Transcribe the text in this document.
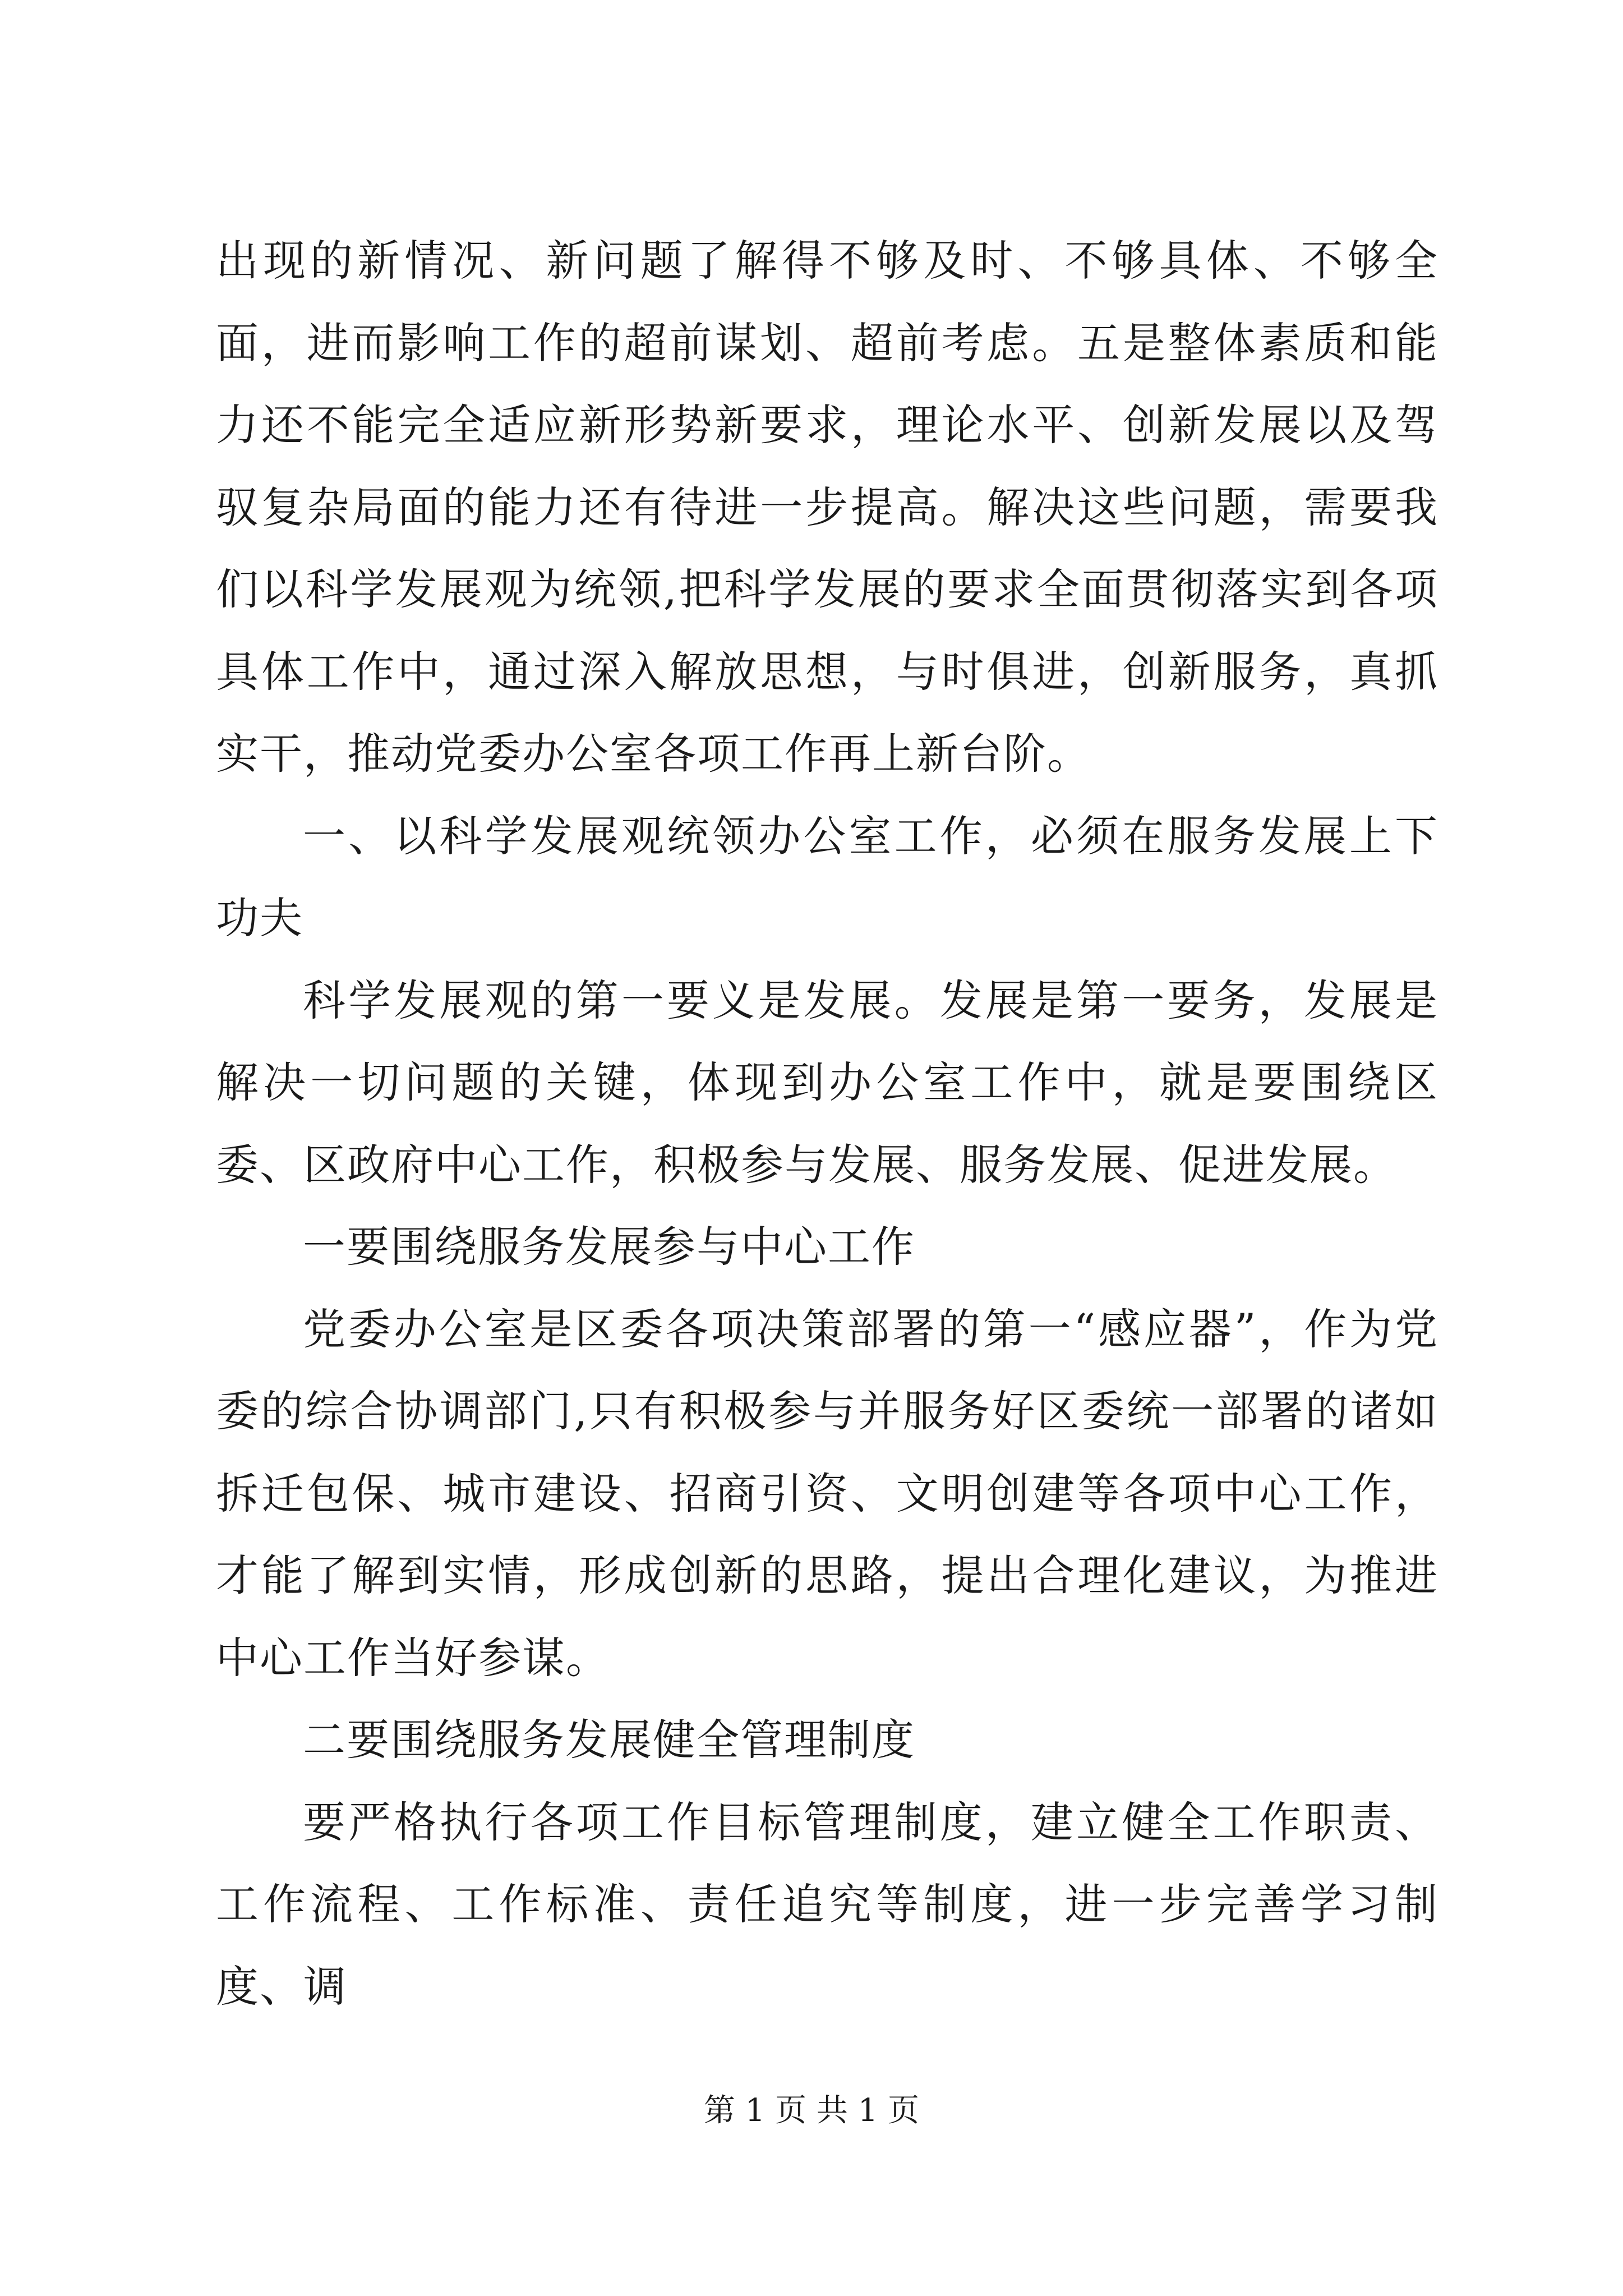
出现的新情况、新问题了解得不够及时、不够具体、不够全面，进而影响工作的超前谋划、超前考虑。五是整体素质和能力还不能完全适应新形势新要求，理论水平、创新发展以及驾驭复杂局面的能力还有待进一步提高。解决这些问题，需要我们以科学发展观为统领,把科学发展的要求全面贯彻落实到各项具体工作中，通过深入解放思想，与时俱进，创新服务，真抓实干，推动党委办公室各项工作再上新台阶。

一、以科学发展观统领办公室工作，必须在服务发展上下功夫

科学发展观的第一要义是发展。发展是第一要务，发展是解决一切问题的关键，体现到办公室工作中，就是要围绕区委、区政府中心工作，积极参与发展、服务发展、促进发展。

一要围绕服务发展参与中心工作

党委办公室是区委各项决策部署的第一“感应器”，作为党委的综合协调部门,只有积极参与并服务好区委统一部署的诸如拆迁包保、城市建设、招商引资、文明创建等各项中心工作，才能了解到实情，形成创新的思路，提出合理化建议，为推进中心工作当好参谋。

二要围绕服务发展健全管理制度

要严格执行各项工作目标管理制度，建立健全工作职责、工作流程、工作标准、责任追究等制度，进一步完善学习制度、调

第 1 页 共 1 页
